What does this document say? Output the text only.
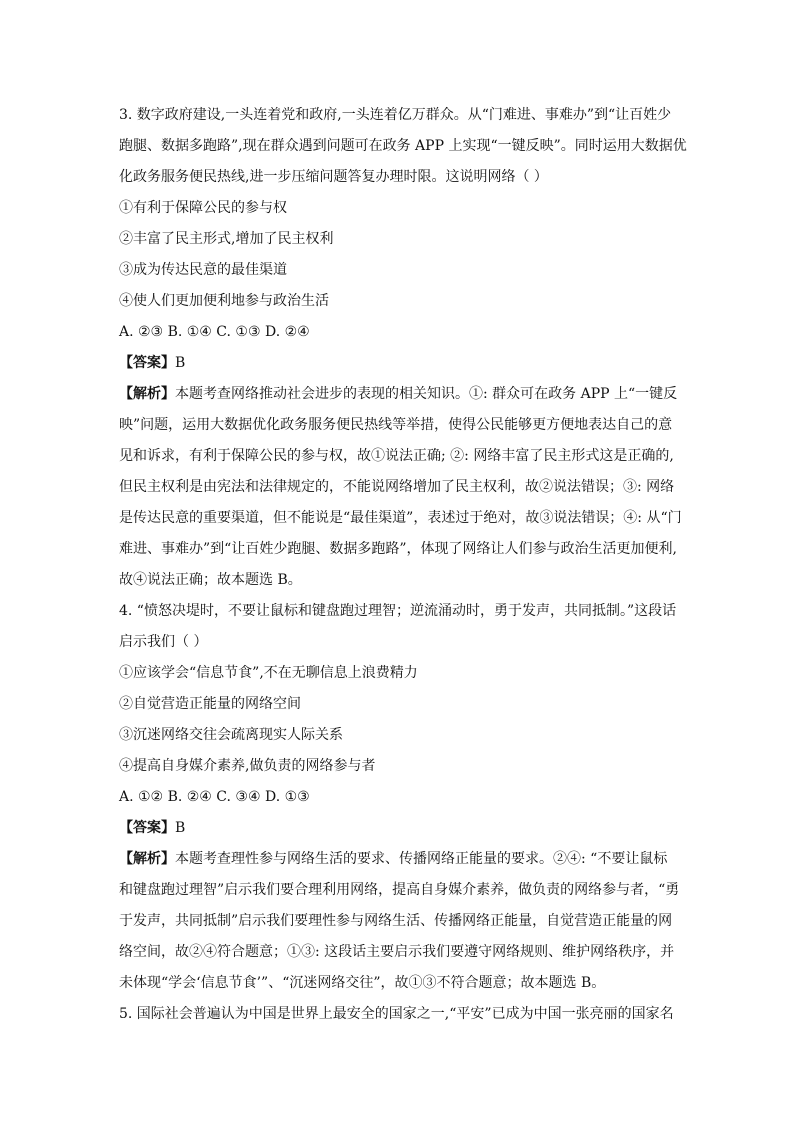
3. 数字政府建设,一头连着党和政府,一头连着亿万群众。从“门难进、事难办”到“让百姓少
跑腿、数据多跑路”,现在群众遇到问题可在政务 APP 上实现“一键反映”。同时运用大数据优
化政务服务便民热线,进一步压缩问题答复办理时限。这说明网络（ ）
①有利于保障公民的参与权
②丰富了民主形式,增加了民主权利
③成为传达民意的最佳渠道
④使人们更加便利地参与政治生活
A. ②③ B. ①④ C. ①③ D. ②④
【答案】B
【解析】本题考查网络推动社会进步的表现的相关知识。①: 群众可在政务 APP 上“一键反
映”问题，运用大数据优化政务服务便民热线等举措，使得公民能够更方便地表达自己的意
见和诉求，有利于保障公民的参与权，故①说法正确; ②: 网络丰富了民主形式这是正确的,
但民主权利是由宪法和法律规定的，不能说网络增加了民主权利，故②说法错误；③: 网络
是传达民意的重要渠道，但不能说是“最佳渠道”，表述过于绝对，故③说法错误；④: 从“门
难进、事难办”到“让百姓少跑腿、数据多跑路”，体现了网络让人们参与政治生活更加便利,
故④说法正确；故本题选 B。
4. “愤怒决堤时，不要让鼠标和键盘跑过理智；逆流涌动时，勇于发声，共同抵制。”这段话
启示我们（ ）
①应该学会“信息节食”,不在无聊信息上浪费精力
②自觉营造正能量的网络空间
③沉迷网络交往会疏离现实人际关系
④提高自身媒介素养,做负责的网络参与者
A. ①② B. ②④ C. ③④ D. ①③
【答案】B
【解析】本题考查理性参与网络生活的要求、传播网络正能量的要求。②④: “不要让鼠标
和键盘跑过理智”启示我们要合理利用网络，提高自身媒介素养，做负责的网络参与者，“勇
于发声，共同抵制”启示我们要理性参与网络生活、传播网络正能量，自觉营造正能量的网
络空间，故②④符合题意；①③: 这段话主要启示我们要遵守网络规则、维护网络秩序，并
未体现“学会‘信息节食’”、“沉迷网络交往”，故①③不符合题意；故本题选 B。
5. 国际社会普遍认为中国是世界上最安全的国家之一,“平安”已成为中国一张亮丽的国家名
